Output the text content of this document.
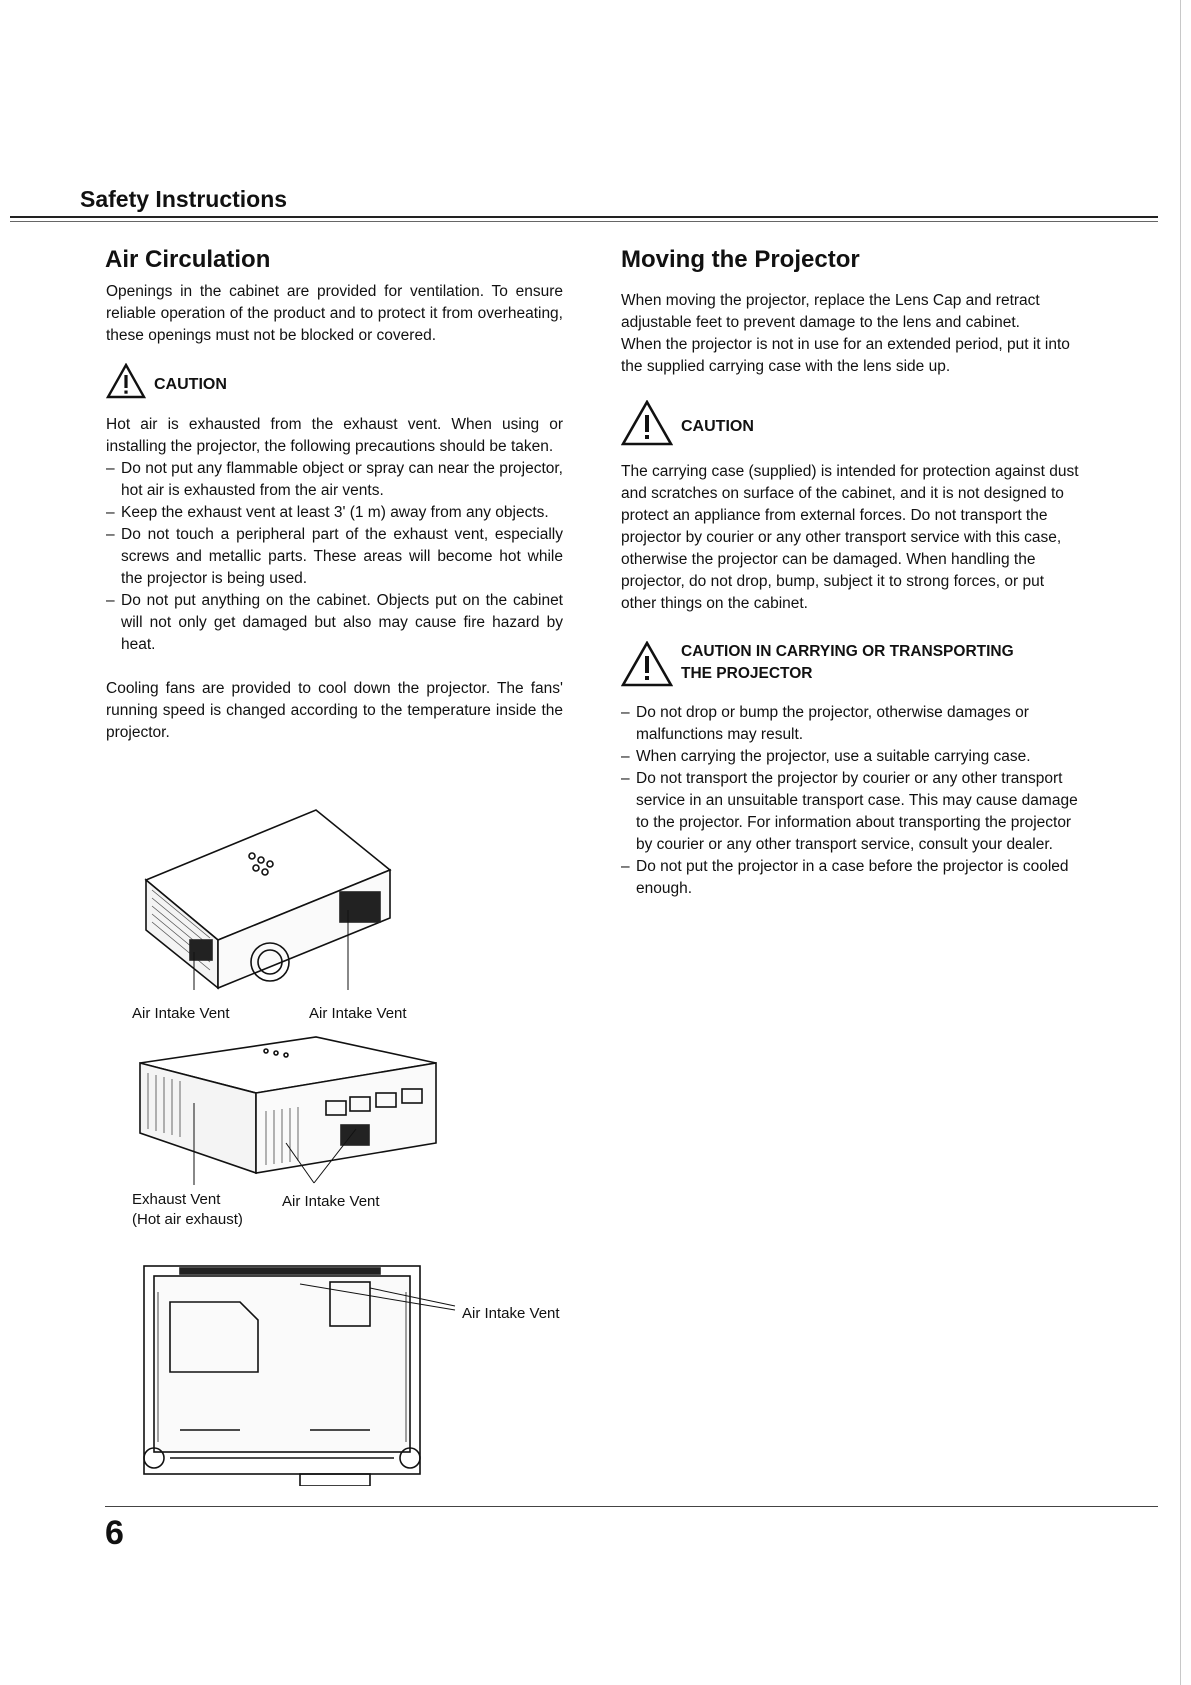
Safety Instructions
Air Circulation

Openings in the cabinet are provided for ventilation. To ensure reliable operation of the product and to protect it from overheating, these openings must not be blocked or covered.

CAUTION

Hot air is exhausted from the exhaust vent. When using or installing the projector, the following precautions should be taken.

– Do not put any flammable object or spray can near the projector, hot air is exhausted from the air vents.
– Keep the exhaust vent at least 3' (1 m) away from any objects.
– Do not touch a peripheral part of the exhaust vent, especially screws and metallic parts. These areas will become hot while the projector is being used.
– Do not put anything on the cabinet. Objects put on the cabinet will not only get damaged but also may cause fire hazard by heat.

Cooling fans are provided to cool down the projector. The fans' running speed is changed according to the temperature inside the projector.

Air Intake Vent	Air Intake Vent
Exhaust Vent
(Hot air exhaust)
Air Intake Vent
Air Intake Vent
Moving the Projector

When moving the projector, replace the Lens Cap and retract adjustable feet to prevent damage to the lens and cabinet.

When the projector is not in use for an extended period, put it into the supplied carrying case with the lens side up.

CAUTION

The carrying case (supplied) is intended for protection against dust and scratches on surface of the cabinet, and it is not designed to protect an appliance from external forces. Do not transport the projector by courier or any other transport service with this case, otherwise the projector can be damaged. When handling the projector, do not drop, bump, subject it to strong forces, or put other things on the cabinet.

CAUTION IN CARRYING OR TRANSPORTING
THE PROJECTOR
– Do not drop or bump the projector, otherwise damages or malfunctions may result.
– When carrying the projector, use a suitable carrying case.
– Do not transport the projector by courier or any other transport service in an unsuitable transport case. This may cause damage to the projector. For information about transporting the projector by courier or any other transport service, consult your dealer.
– Do not put the projector in a case before the projector is cooled enough.
6
